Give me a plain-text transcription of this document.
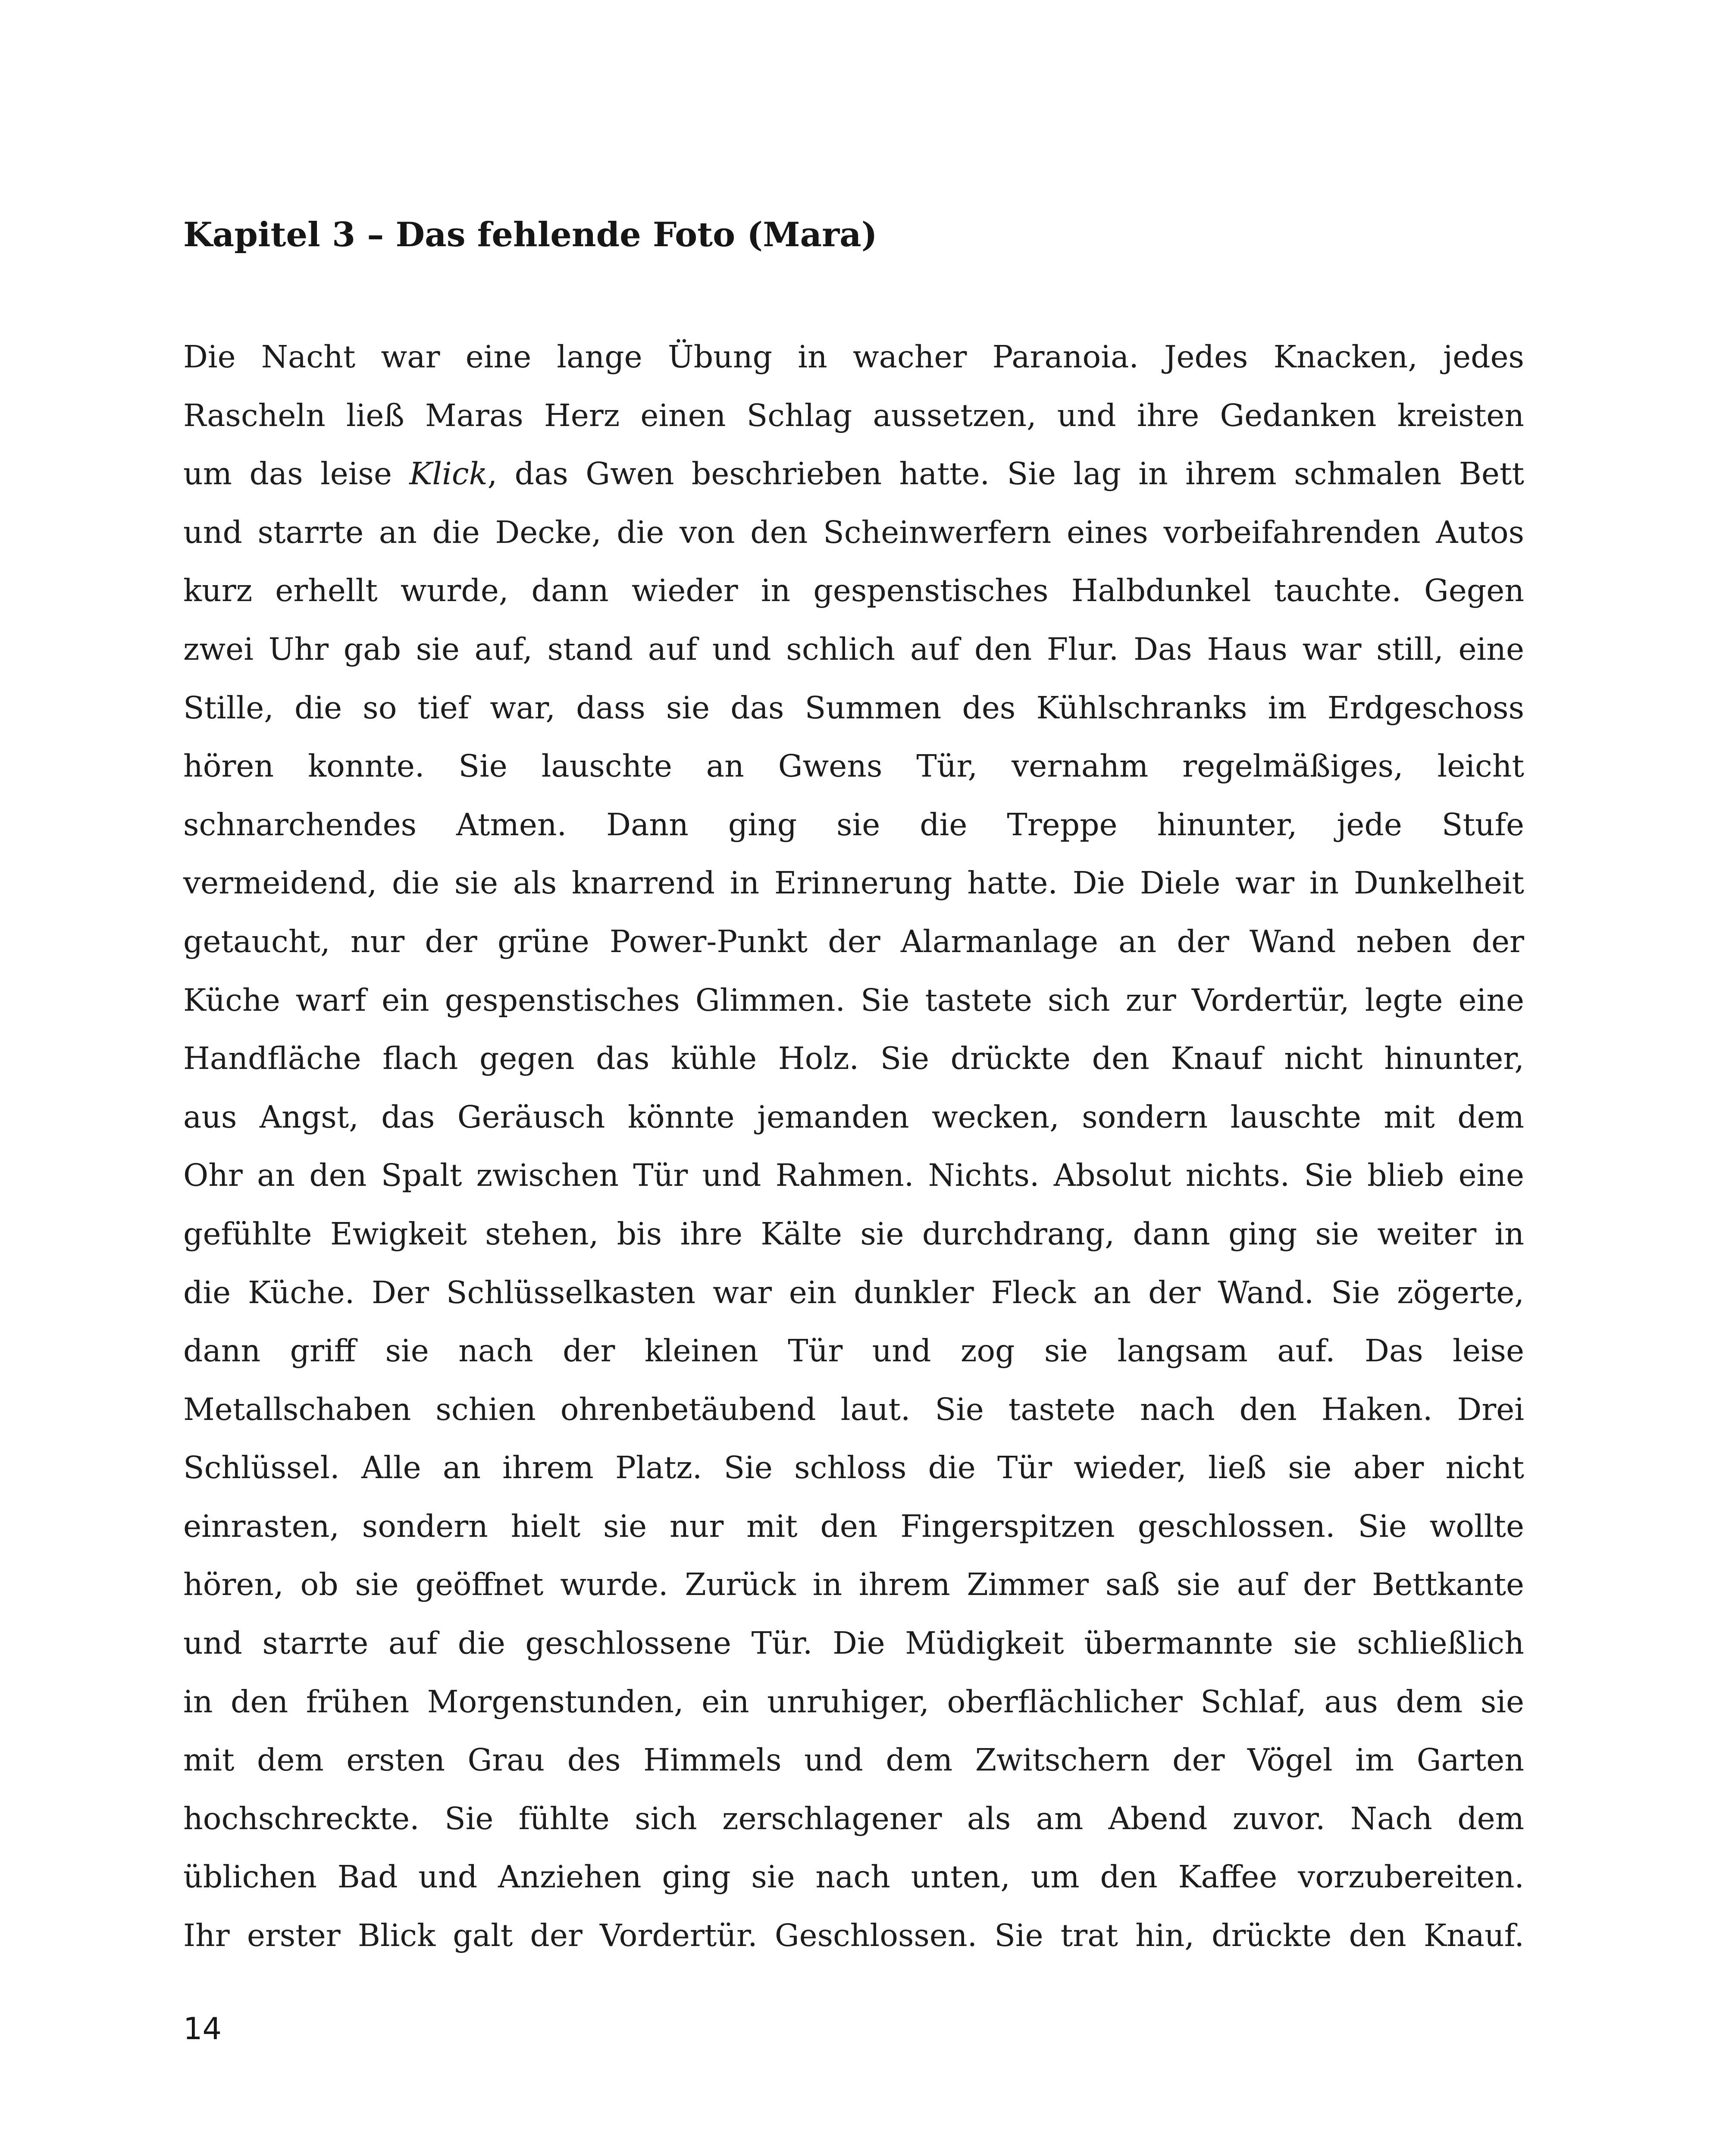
Kapitel 3 – Das fehlende Foto (Mara)
Die Nacht war eine lange Übung in wacher Paranoia. Jedes Knacken, jedes
Rascheln ließ Maras Herz einen Schlag aussetzen, und ihre Gedanken kreisten
um das leise Klick, das Gwen beschrieben hatte. Sie lag in ihrem schmalen Bett
und starrte an die Decke, die von den Scheinwerfern eines vorbeifahrenden Autos
kurz erhellt wurde, dann wieder in gespenstisches Halbdunkel tauchte. Gegen
zwei Uhr gab sie auf, stand auf und schlich auf den Flur. Das Haus war still, eine
Stille, die so tief war, dass sie das Summen des Kühlschranks im Erdgeschoss
hören konnte. Sie lauschte an Gwens Tür, vernahm regelmäßiges, leicht
schnarchendes Atmen. Dann ging sie die Treppe hinunter, jede Stufe
vermeidend, die sie als knarrend in Erinnerung hatte. Die Diele war in Dunkelheit
getaucht, nur der grüne Power-Punkt der Alarmanlage an der Wand neben der
Küche warf ein gespenstisches Glimmen. Sie tastete sich zur Vordertür, legte eine
Handfläche flach gegen das kühle Holz. Sie drückte den Knauf nicht hinunter,
aus Angst, das Geräusch könnte jemanden wecken, sondern lauschte mit dem
Ohr an den Spalt zwischen Tür und Rahmen. Nichts. Absolut nichts. Sie blieb eine
gefühlte Ewigkeit stehen, bis ihre Kälte sie durchdrang, dann ging sie weiter in
die Küche. Der Schlüsselkasten war ein dunkler Fleck an der Wand. Sie zögerte,
dann griff sie nach der kleinen Tür und zog sie langsam auf. Das leise
Metallschaben schien ohrenbetäubend laut. Sie tastete nach den Haken. Drei
Schlüssel. Alle an ihrem Platz. Sie schloss die Tür wieder, ließ sie aber nicht
einrasten, sondern hielt sie nur mit den Fingerspitzen geschlossen. Sie wollte
hören, ob sie geöffnet wurde. Zurück in ihrem Zimmer saß sie auf der Bettkante
und starrte auf die geschlossene Tür. Die Müdigkeit übermannte sie schließlich
in den frühen Morgenstunden, ein unruhiger, oberflächlicher Schlaf, aus dem sie
mit dem ersten Grau des Himmels und dem Zwitschern der Vögel im Garten
hochschreckte. Sie fühlte sich zerschlagener als am Abend zuvor. Nach dem
üblichen Bad und Anziehen ging sie nach unten, um den Kaffee vorzubereiten.
Ihr erster Blick galt der Vordertür. Geschlossen. Sie trat hin, drückte den Knauf.
14
